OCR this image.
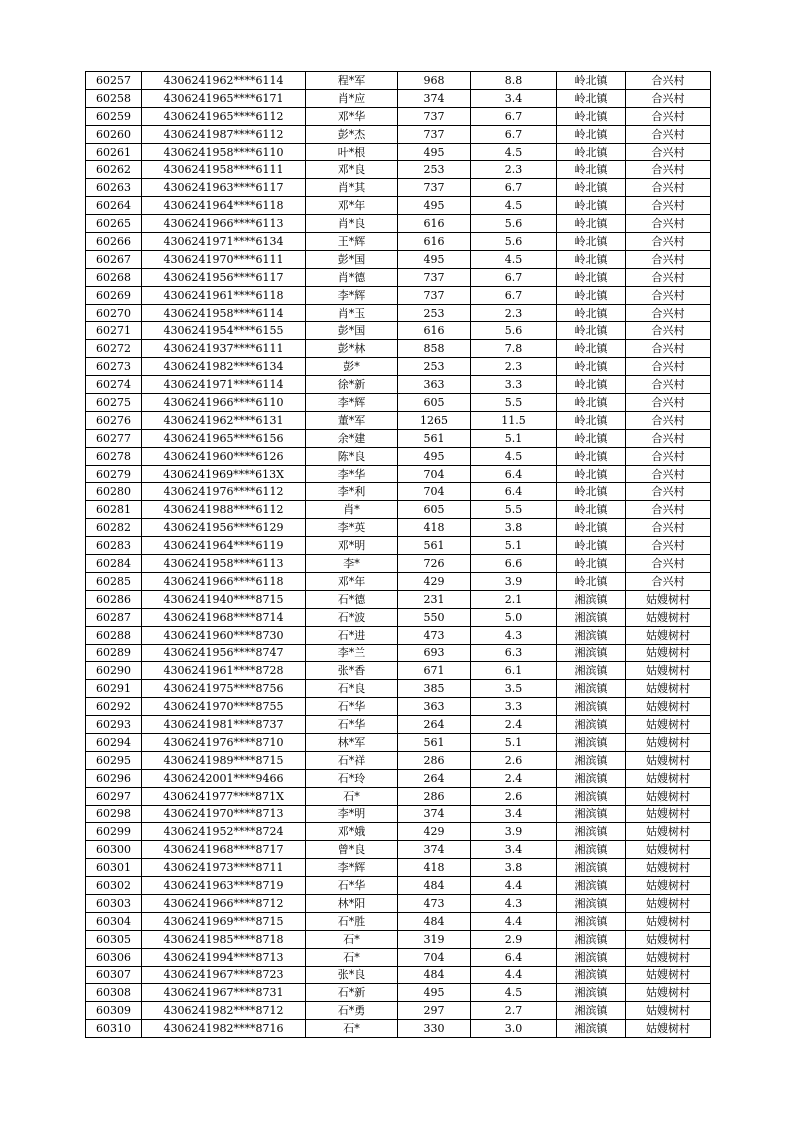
60257	4306241962****6114	程*军	968	8.8	岭北镇	合兴村
60258	4306241965****6171	肖*应	374	3.4	岭北镇	合兴村
60259	4306241965****6112	邓*华	737	6.7	岭北镇	合兴村
60260	4306241987****6112	彭*杰	737	6.7	岭北镇	合兴村
60261	4306241958****6110	叶*根	495	4.5	岭北镇	合兴村
60262	4306241958****6111	邓*良	253	2.3	岭北镇	合兴村
60263	4306241963****6117	肖*其	737	6.7	岭北镇	合兴村
60264	4306241964****6118	邓*年	495	4.5	岭北镇	合兴村
60265	4306241966****6113	肖*良	616	5.6	岭北镇	合兴村
60266	4306241971****6134	王*辉	616	5.6	岭北镇	合兴村
60267	4306241970****6111	彭*国	495	4.5	岭北镇	合兴村
60268	4306241956****6117	肖*德	737	6.7	岭北镇	合兴村
60269	4306241961****6118	李*辉	737	6.7	岭北镇	合兴村
60270	4306241958****6114	肖*玉	253	2.3	岭北镇	合兴村
60271	4306241954****6155	彭*国	616	5.6	岭北镇	合兴村
60272	4306241937****6111	彭*林	858	7.8	岭北镇	合兴村
60273	4306241982****6134	彭*	253	2.3	岭北镇	合兴村
60274	4306241971****6114	徐*新	363	3.3	岭北镇	合兴村
60275	4306241966****6110	李*辉	605	5.5	岭北镇	合兴村
60276	4306241962****6131	董*军	1265	11.5	岭北镇	合兴村
60277	4306241965****6156	余*建	561	5.1	岭北镇	合兴村
60278	4306241960****6126	陈*良	495	4.5	岭北镇	合兴村
60279	4306241969****613X	李*华	704	6.4	岭北镇	合兴村
60280	4306241976****6112	李*利	704	6.4	岭北镇	合兴村
60281	4306241988****6112	肖*	605	5.5	岭北镇	合兴村
60282	4306241956****6129	李*英	418	3.8	岭北镇	合兴村
60283	4306241964****6119	邓*明	561	5.1	岭北镇	合兴村
60284	4306241958****6113	李*	726	6.6	岭北镇	合兴村
60285	4306241966****6118	邓*年	429	3.9	岭北镇	合兴村
60286	4306241940****8715	石*德	231	2.1	湘滨镇	姑嫂树村
60287	4306241968****8714	石*波	550	5.0	湘滨镇	姑嫂树村
60288	4306241960****8730	石*进	473	4.3	湘滨镇	姑嫂树村
60289	4306241956****8747	李*兰	693	6.3	湘滨镇	姑嫂树村
60290	4306241961****8728	张*香	671	6.1	湘滨镇	姑嫂树村
60291	4306241975****8756	石*良	385	3.5	湘滨镇	姑嫂树村
60292	4306241970****8755	石*华	363	3.3	湘滨镇	姑嫂树村
60293	4306241981****8737	石*华	264	2.4	湘滨镇	姑嫂树村
60294	4306241976****8710	林*军	561	5.1	湘滨镇	姑嫂树村
60295	4306241989****8715	石*祥	286	2.6	湘滨镇	姑嫂树村
60296	4306242001****9466	石*玲	264	2.4	湘滨镇	姑嫂树村
60297	4306241977****871X	石*	286	2.6	湘滨镇	姑嫂树村
60298	4306241970****8713	李*明	374	3.4	湘滨镇	姑嫂树村
60299	4306241952****8724	邓*娥	429	3.9	湘滨镇	姑嫂树村
60300	4306241968****8717	曾*良	374	3.4	湘滨镇	姑嫂树村
60301	4306241973****8711	李*辉	418	3.8	湘滨镇	姑嫂树村
60302	4306241963****8719	石*华	484	4.4	湘滨镇	姑嫂树村
60303	4306241966****8712	林*阳	473	4.3	湘滨镇	姑嫂树村
60304	4306241969****8715	石*胜	484	4.4	湘滨镇	姑嫂树村
60305	4306241985****8718	石*	319	2.9	湘滨镇	姑嫂树村
60306	4306241994****8713	石*	704	6.4	湘滨镇	姑嫂树村
60307	4306241967****8723	张*良	484	4.4	湘滨镇	姑嫂树村
60308	4306241967****8731	石*新	495	4.5	湘滨镇	姑嫂树村
60309	4306241982****8712	石*勇	297	2.7	湘滨镇	姑嫂树村
60310	4306241982****8716	石*	330	3.0	湘滨镇	姑嫂树村
